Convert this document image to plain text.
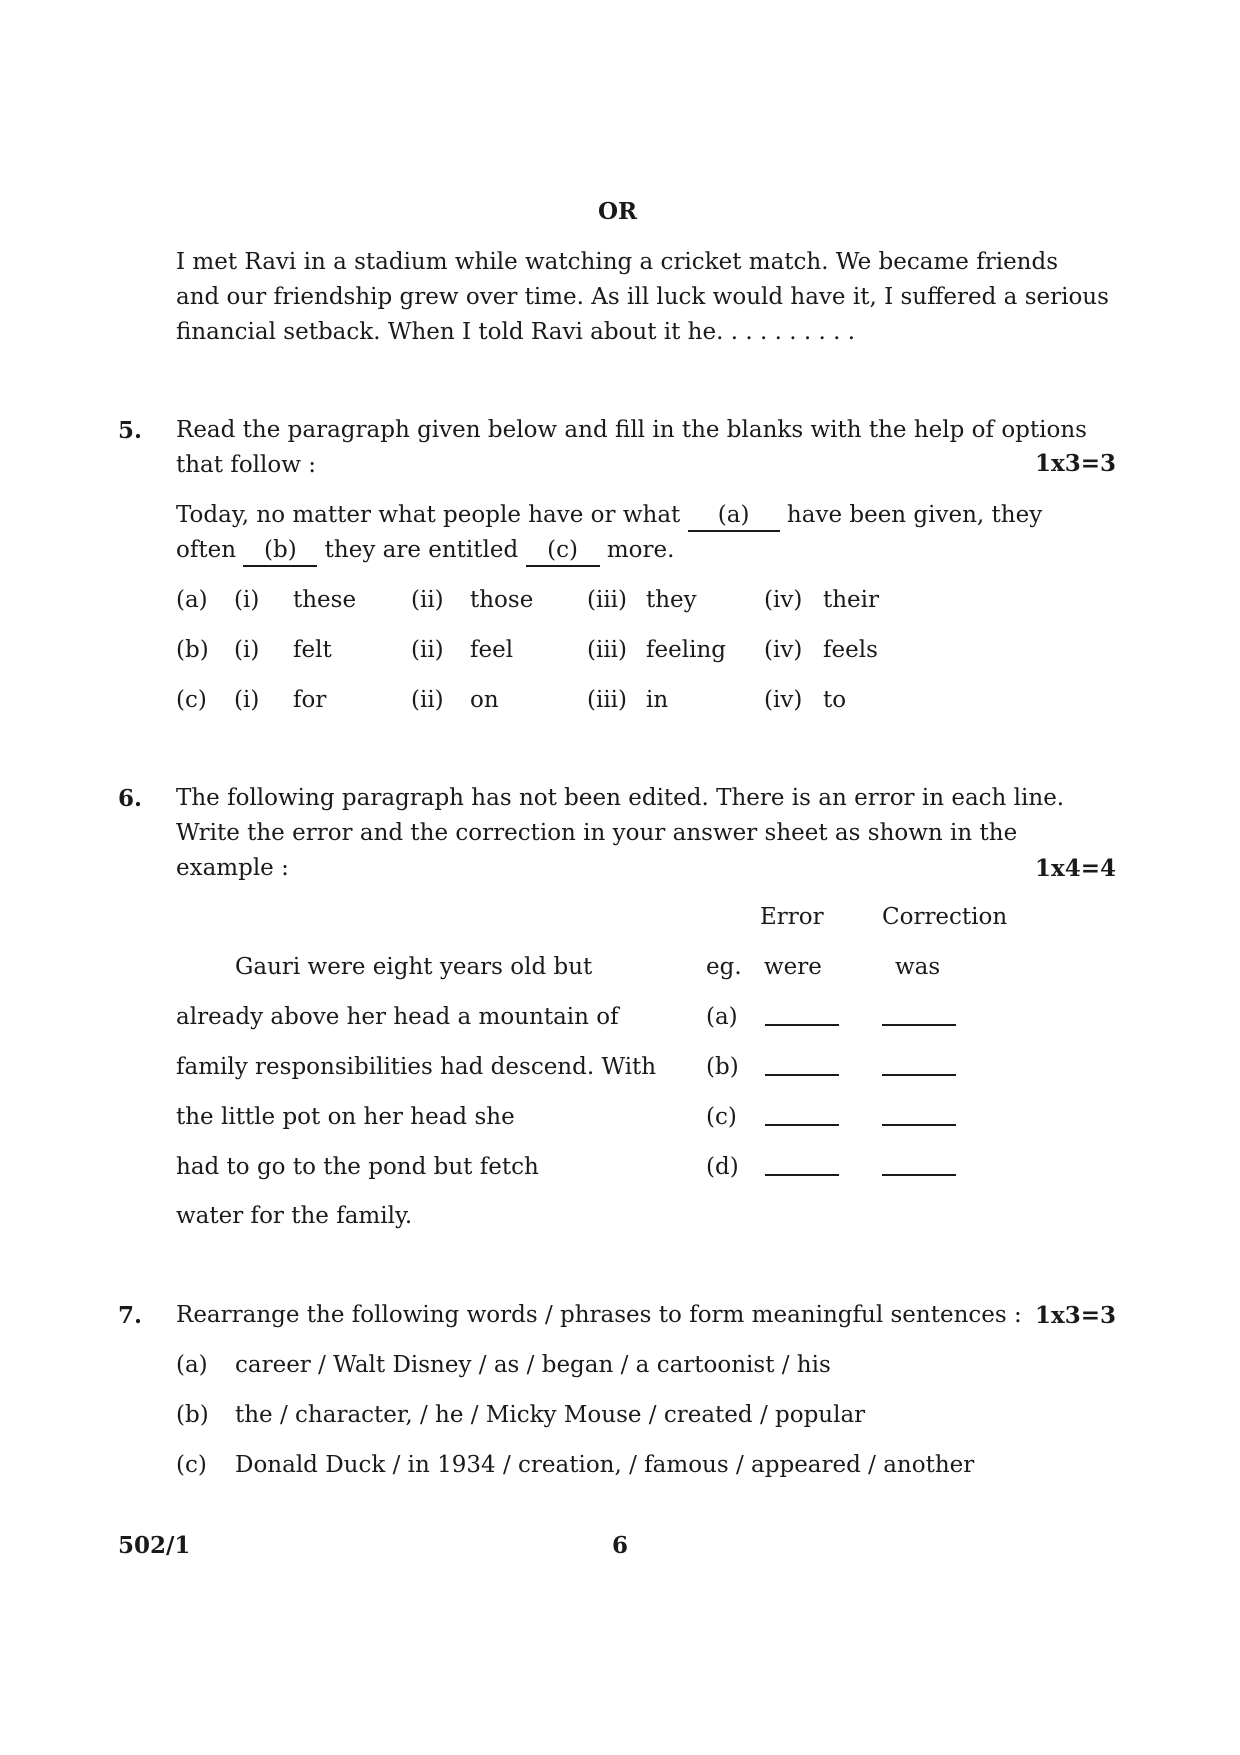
OR
I met Ravi in a stadium while watching a cricket match. We became friends
and our friendship grew over time. As ill luck would have it, I suffered a serious
financial setback. When I told Ravi about it he. . . . . . . . . .
5. Read the paragraph given below and fill in the blanks with the help of options
that follow :	1x3=3
Today, no matter what people have or what (a) have been given, they
often (b) they are entitled (c) more.
(a) (i) these (ii) those (iii) they	(iv) their
(b) (i) felt	(ii) feel	(iii) feeling (iv) feels
(c) (i) for	(ii) on	(iii) in	(iv) to
6. The following paragraph has not been edited. There is an error in each line.
Write the error and the correction in your answer sheet as shown in the
example :	1x4=4
Error	Correction
Gauri were eight years old but	eg. were	was
already above her head a mountain of	(a)
family responsibilities had descend. With (b)
the little pot on her head she	(c)
had to go to the pond but fetch	(d)
water for the family.
7. Rearrange the following words / phrases to form meaningful sentences : 1x3=3
(a) career / Walt Disney / as / began / a cartoonist / his
(b) the / character, / he / Micky Mouse / created / popular
(c) Donald Duck / in 1934 / creation, / famous / appeared / another
502/1	6
